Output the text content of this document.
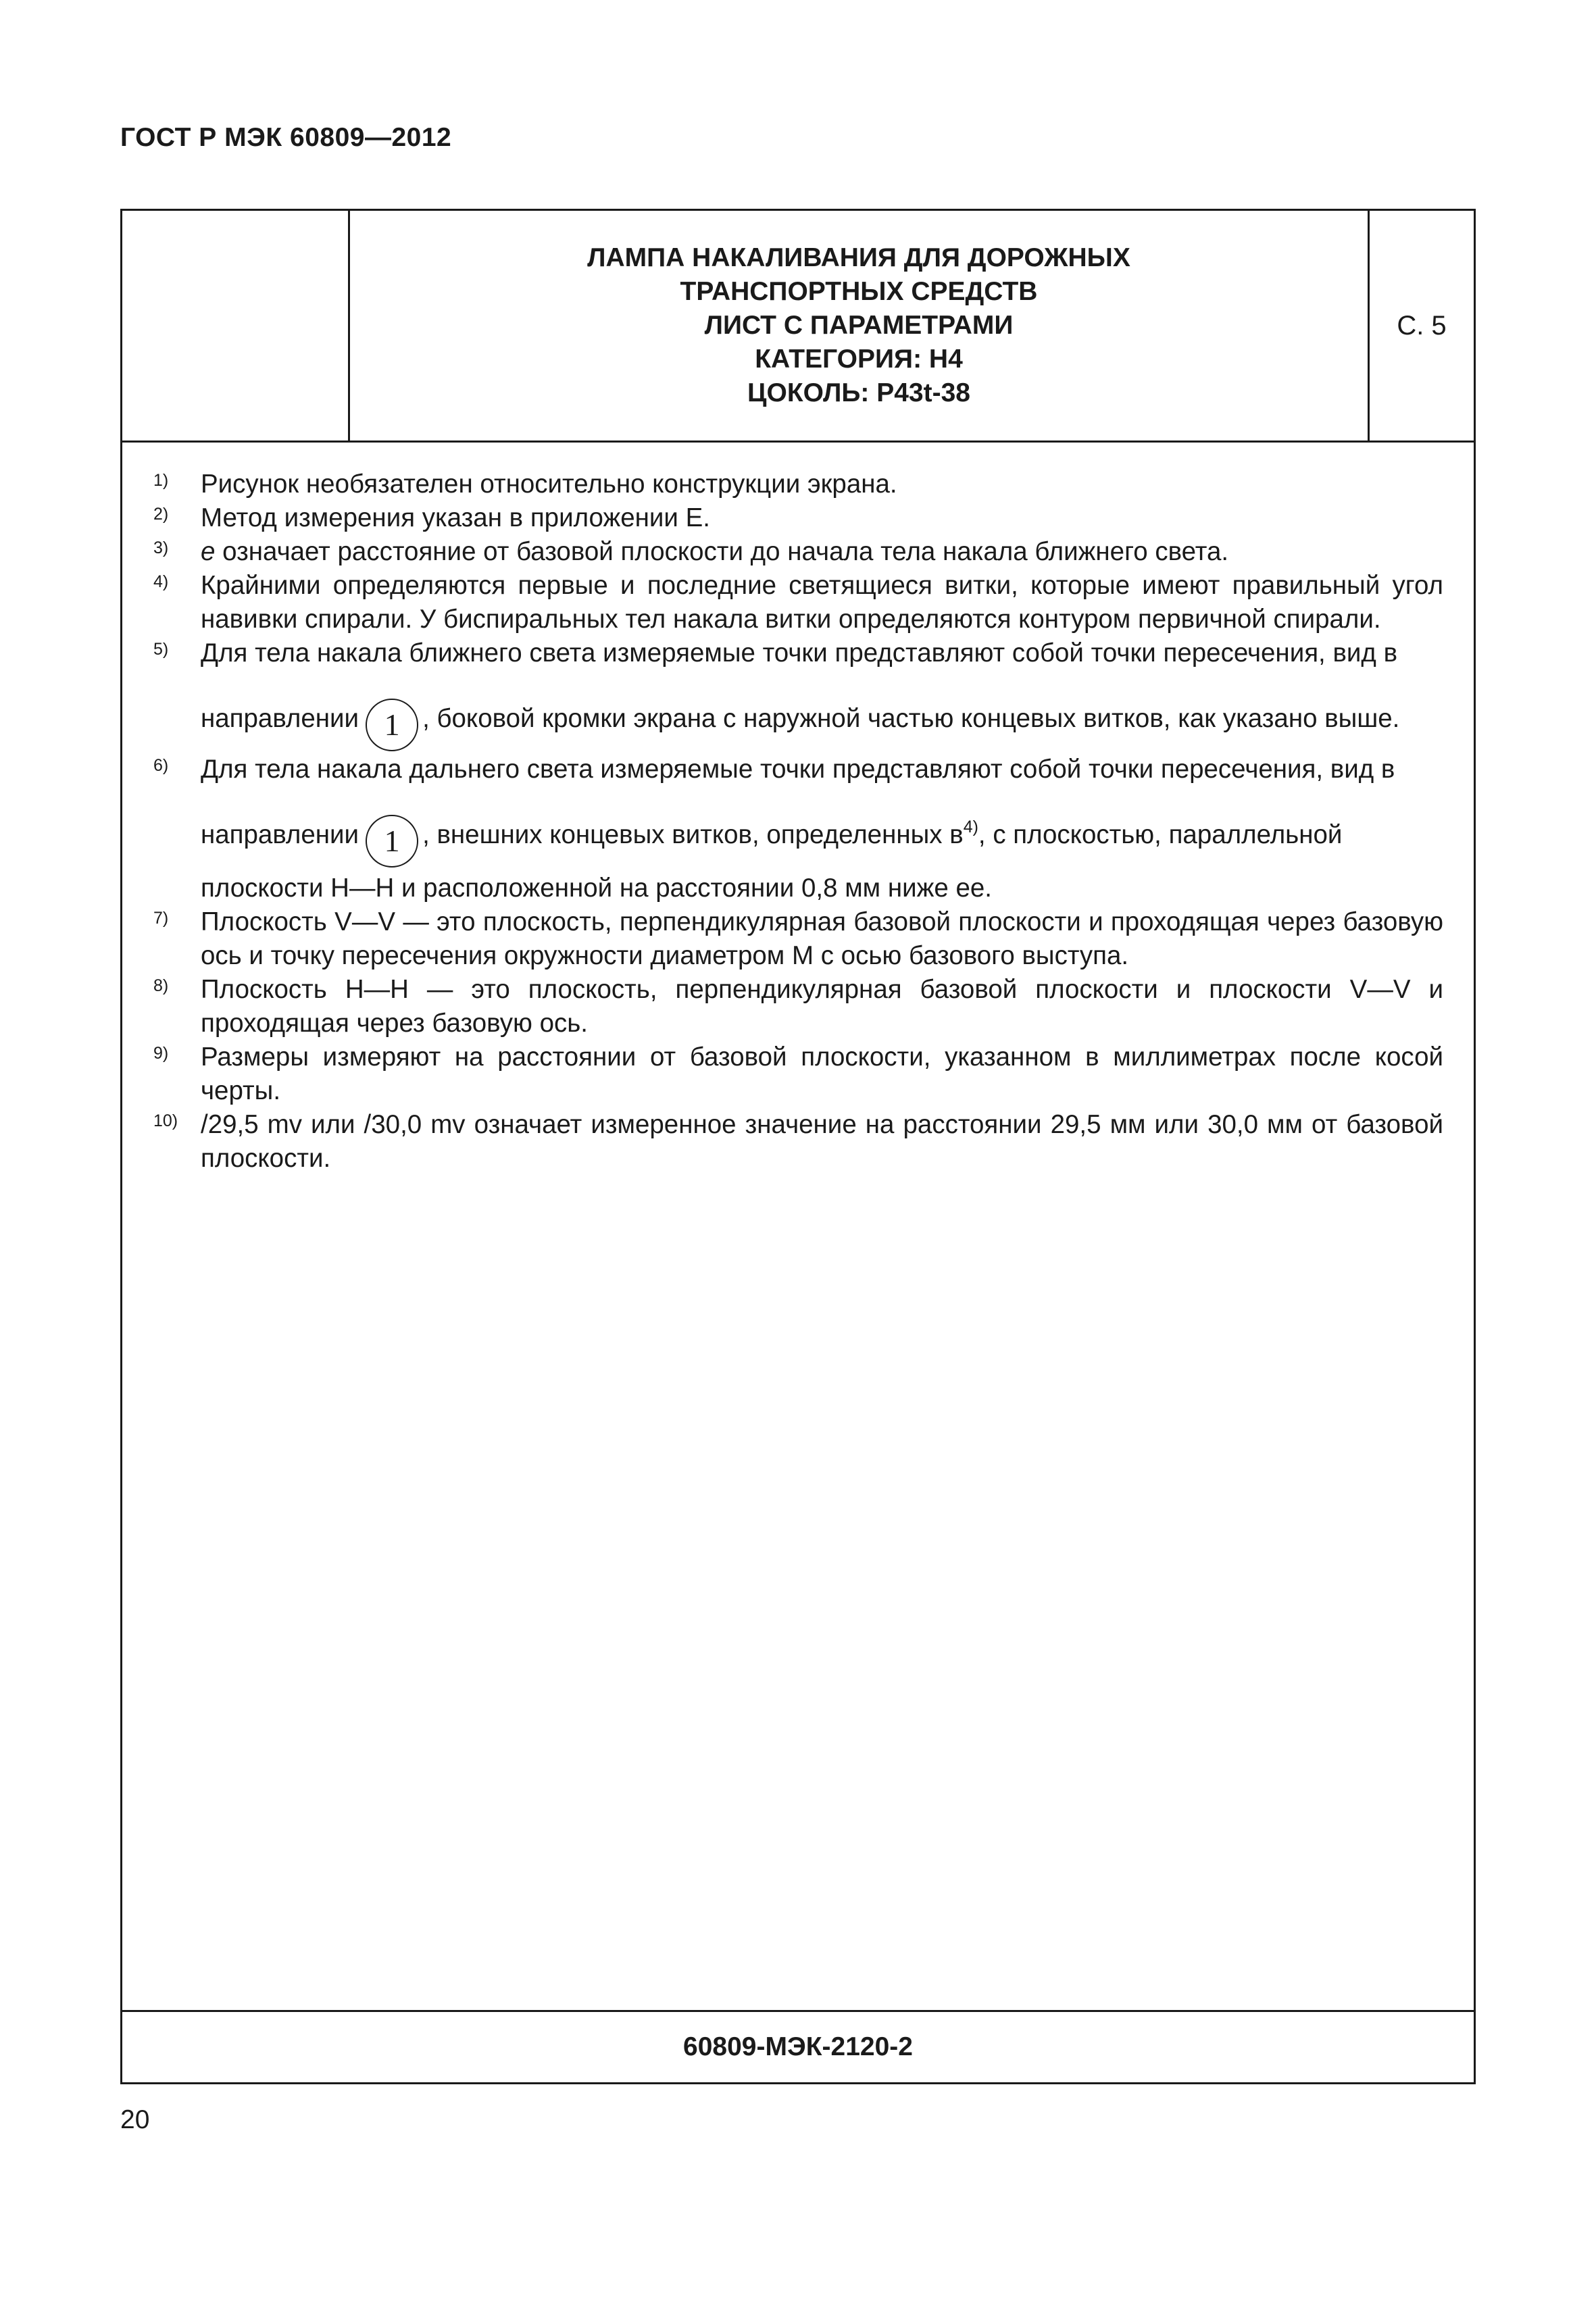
ГОСТ Р МЭК 60809—2012
ЛАМПА НАКАЛИВАНИЯ ДЛЯ ДОРОЖНЫХ
ТРАНСПОРТНЫХ СРЕДСТВ
ЛИСТ С ПАРАМЕТРАМИ
КАТЕГОРИЯ: H4
ЦОКОЛЬ: P43t-38
С. 5
1) Рисунок необязателен относительно конструкции экрана.
2) Метод измерения указан в приложении E.
3) e означает расстояние от базовой плоскости до начала тела накала ближнего света.
4) Крайними определяются первые и последние светящиеся витки, которые имеют правильный угол навивки спирали. У биспиральных тел накала витки определяются контуром первичной спирали.
5) Для тела накала ближнего света измеряемые точки представляют собой точки пересечения, вид в
направлении 1 , боковой кромки экрана с наружной частью концевых витков, как указано выше.
6) Для тела накала дальнего света измеряемые точки представляют собой точки пересечения, вид в
направлении 1 , внешних концевых витков, определенных $в^{4)}$, с плоскостью, параллельной
плоскости H—H и расположенной на расстоянии 0,8 мм ниже ее.
7) Плоскость V—V — это плоскость, перпендикулярная базовой плоскости и проходящая через базовую ось и точку пересечения окружности диаметром M с осью базового выступа.
8) Плоскость H—H — это плоскость, перпендикулярная базовой плоскости и плоскости V—V и проходящая через базовую ось.
9) Размеры измеряют на расстоянии от базовой плоскости, указанном в миллиметрах после косой черты.
10) /29,5 mv или /30,0 mv означает измеренное значение на расстоянии 29,5 мм или 30,0 мм от базовой плоскости.
60809-МЭК-2120-2
20
